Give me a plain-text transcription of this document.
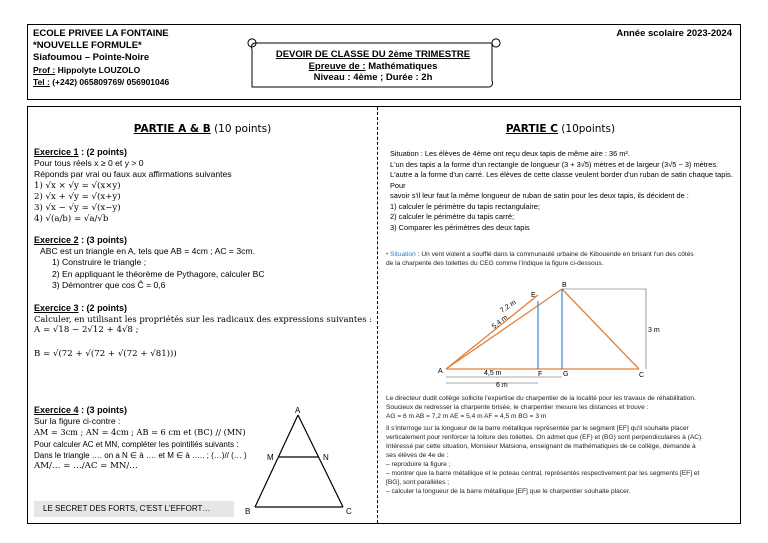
ECOLE PRIVEE LA FONTAINE
*NOUVELLE FORMULE*
Siafoumou – Pointe-Noire
Prof : Hippolyte LOUZOLO
Tel : (+242) 065809769/ 056901046
Année scolaire 2023-2024
DEVOIR DE CLASSE DU 2ème TRIMESTRE
Epreuve de : Mathématiques
Niveau : 4ème ; Durée : 2h
PARTIE A & B (10 points)
Exercice 1 : (2 points)
Pour tous réels x ≥ 0 et y > 0
Réponds par vrai ou faux aux affirmations suivantes
1) √x × √y = √(x×y)
2) √x + √y = √(x+y)
3) √x − √y = √(x−y)
4) √(a/b) = √a/√b
Exercice 2 : (3 points)
ABC est un triangle en A, tels que AB = 4cm ; AC = 3cm.
1) Construire le triangle ;
2) En appliquant le théorème de Pythagore, calculer BC
3) Démontrer que cos Ĉ = 0,6
Exercice 3 : (2 points)
Calculer, en utilisant les propriétés sur les radicaux des expressions suivantes :
A = √18 − 2√12 + 4√8 ;
B = √(72 + √(72 + √(72 + √81)))
Exercice 4 : (3 points)
Sur la figure ci-contre :
AM = 3cm ; AN = 4cm ; AB = 6 cm et (BC) // (MN)
Pour calculer AC et MN, compléter les pointillés suivants :
Dans le triangle …. on a N ∈ à …. et M ∈ à ….. ; (…)// (… )
AM/… = …/AC = MN/…
LE SECRET DES FORTS, C'EST L'EFFORT…
A
M	N
B	C
PARTIE C (10points)
Situation : Les élèves de 4ème ont reçu deux tapis de même aire : 36 m².
L'un des tapis a la forme d'un rectangle de longueur (3 + 3√5) mètres et de largeur (3√5 − 3) mètres.
L'autre a la forme d'un carré. Les élèves de cette classe veulent border d'un ruban de satin chaque tapis. Pour
savoir s'il leur faut la même longueur de ruban de satin pour les deux tapis, ils décident de :
1) calculer le périmètre du tapis rectangulaire;
2) calculer le périmètre du tapis carré;
3) Comparer les périmètres des deux tapis
• Situation : Un vent violent a soufflé dans la communauté urbaine de Kibouende en brisant l'un des côtés
de la charpente des toilettes du CEG comme l'indique la figure ci-dessous.
A
B
C
E
F	G
7,2 m
5,4 m
4,5 m
6 m
3 m
Le directeur dudit collège sollicite l'expertise du charpentier de la localité pour les travaux de réhabilitation.
Soucieux de redresser la charpente brisée, le charpentier mesure les distances et trouve :
AG = 6 m AB = 7,2 m AE = 5,4 m AF = 4,5 m BG = 3 m
Il s'interroge sur la longueur de la barre métallique représentée par le segment [EF] qu'il souhaite placer
verticalement pour renforcer la toiture des toilettes. On admet que (EF) et (BG) sont perpendiculaires à (AC).
Intéressé par cette situation, Monsieur Matsiona, enseignant de mathématiques de ce collège, demande à
ses élèves de 4e de :
– reproduire la figure ;
– montrer que la barre métallique et le poteau central, représentés respectivement par les segments [EF] et
[BG], sont parallèles ;
– calculer la longueur de la barre métallique [EF] que le charpentier souhaite placer.
